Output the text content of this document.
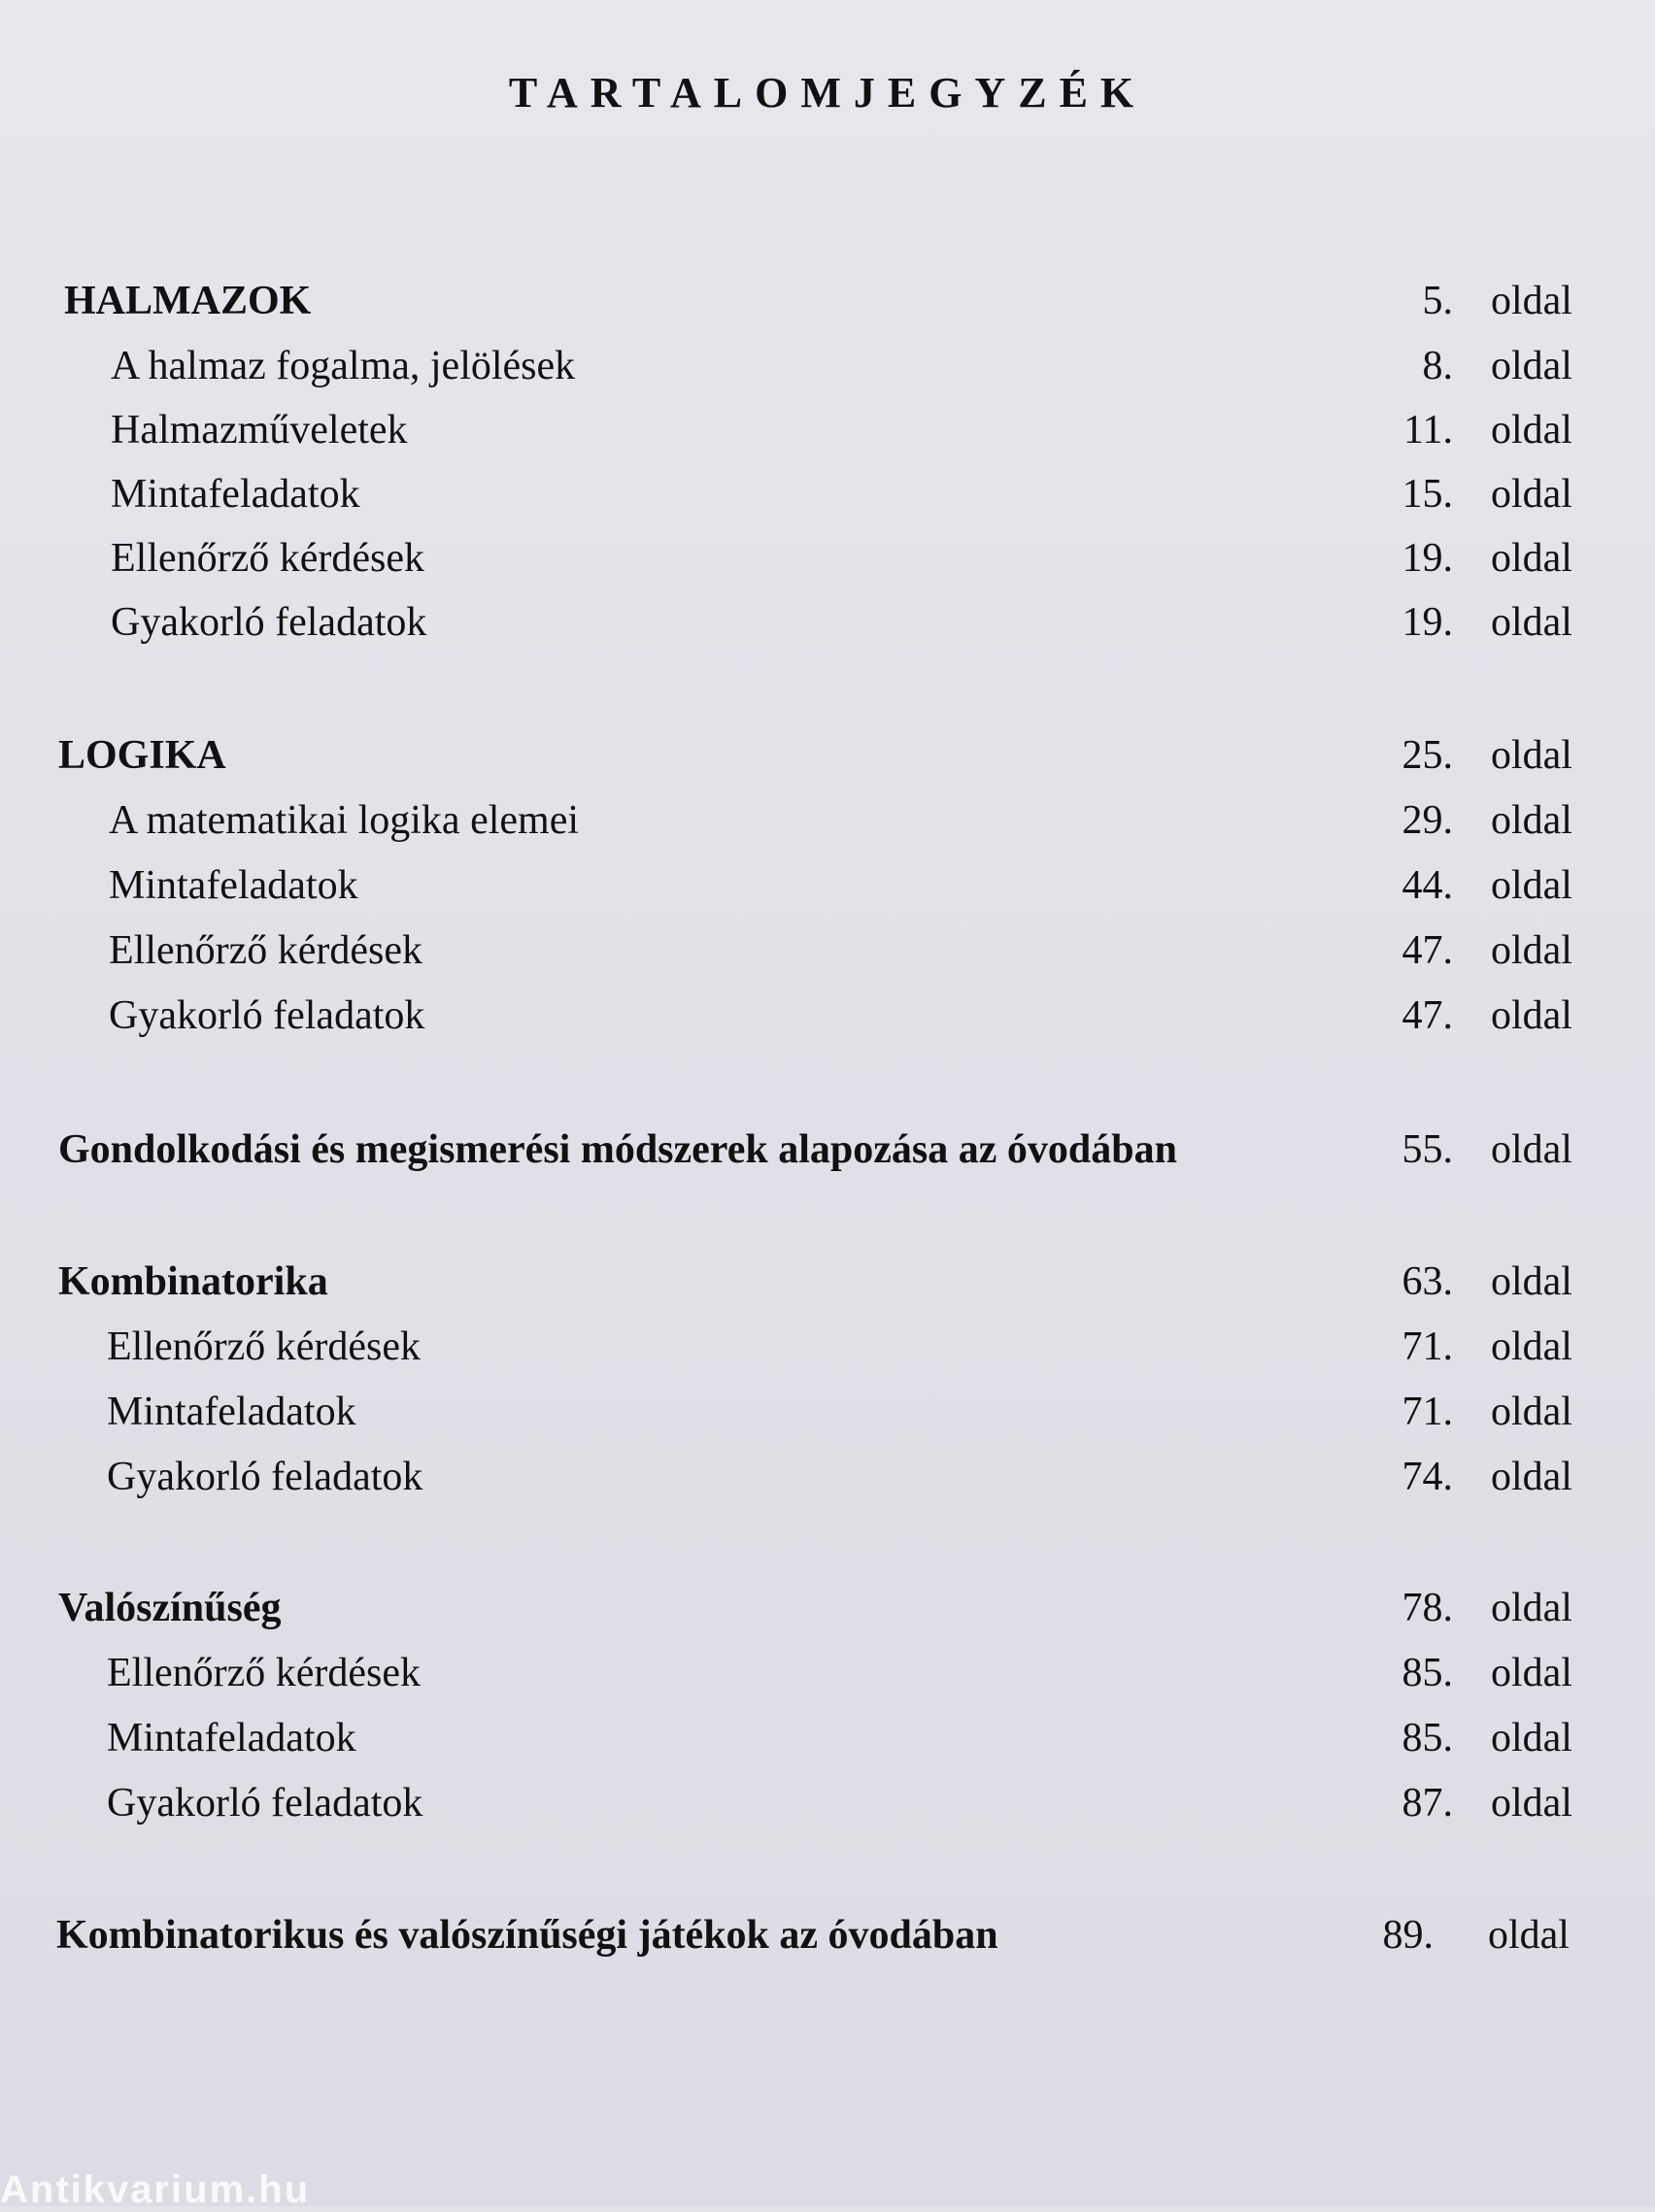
TARTALOMJEGYZÉK
HALMAZOK	5. oldal
A halmaz fogalma, jelölések	8. oldal
Halmazműveletek	11. oldal
Mintafeladatok	15. oldal
Ellenőrző kérdések	19. oldal
Gyakorló feladatok	19. oldal
LOGIKA	25. oldal
A matematikai logika elemei	29. oldal
Mintafeladatok	44. oldal
Ellenőrző kérdések	47. oldal
Gyakorló feladatok	47. oldal
Gondolkodási és megismerési módszerek alapozása az óvodában	55. oldal
Kombinatorika	63. oldal
Ellenőrző kérdések	71. oldal
Mintafeladatok	71. oldal
Gyakorló feladatok	74. oldal
Valószínűség	78. oldal
Ellenőrző kérdések	85. oldal
Mintafeladatok	85. oldal
Gyakorló feladatok	87. oldal
Kombinatorikus és valószínűségi játékok az óvodában	89. oldal
Antikvarium.hu
